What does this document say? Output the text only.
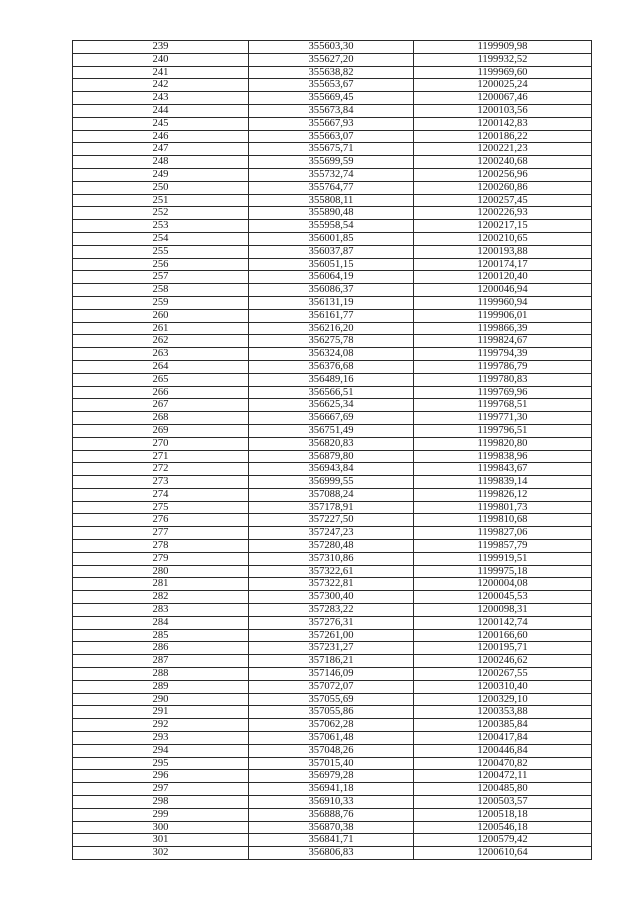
239	355603,30	1199909,98
240	355627,20	1199932,52
241	355638,82	1199969,60
242	355653,67	1200025,24
243	355669,45	1200067,46
244	355673,84	1200103,56
245	355667,93	1200142,83
246	355663,07	1200186,22
247	355675,71	1200221,23
248	355699,59	1200240,68
249	355732,74	1200256,96
250	355764,77	1200260,86
251	355808,11	1200257,45
252	355890,48	1200226,93
253	355958,54	1200217,15
254	356001,85	1200210,65
255	356037,87	1200193,88
256	356051,15	1200174,17
257	356064,19	1200120,40
258	356086,37	1200046,94
259	356131,19	1199960,94
260	356161,77	1199906,01
261	356216,20	1199866,39
262	356275,78	1199824,67
263	356324,08	1199794,39
264	356376,68	1199786,79
265	356489,16	1199780,83
266	356566,51	1199769,96
267	356625,34	1199768,51
268	356667,69	1199771,30
269	356751,49	1199796,51
270	356820,83	1199820,80
271	356879,80	1199838,96
272	356943,84	1199843,67
273	356999,55	1199839,14
274	357088,24	1199826,12
275	357178,91	1199801,73
276	357227,50	1199810,68
277	357247,23	1199827,06
278	357280,48	1199857,79
279	357310,86	1199919,51
280	357322,61	1199975,18
281	357322,81	1200004,08
282	357300,40	1200045,53
283	357283,22	1200098,31
284	357276,31	1200142,74
285	357261,00	1200166,60
286	357231,27	1200195,71
287	357186,21	1200246,62
288	357146,09	1200267,55
289	357072,07	1200310,40
290	357055,69	1200329,10
291	357055,86	1200353,88
292	357062,28	1200385,84
293	357061,48	1200417,84
294	357048,26	1200446,84
295	357015,40	1200470,82
296	356979,28	1200472,11
297	356941,18	1200485,80
298	356910,33	1200503,57
299	356888,76	1200518,18
300	356870,38	1200546,18
301	356841,71	1200579,42
302	356806,83	1200610,64
